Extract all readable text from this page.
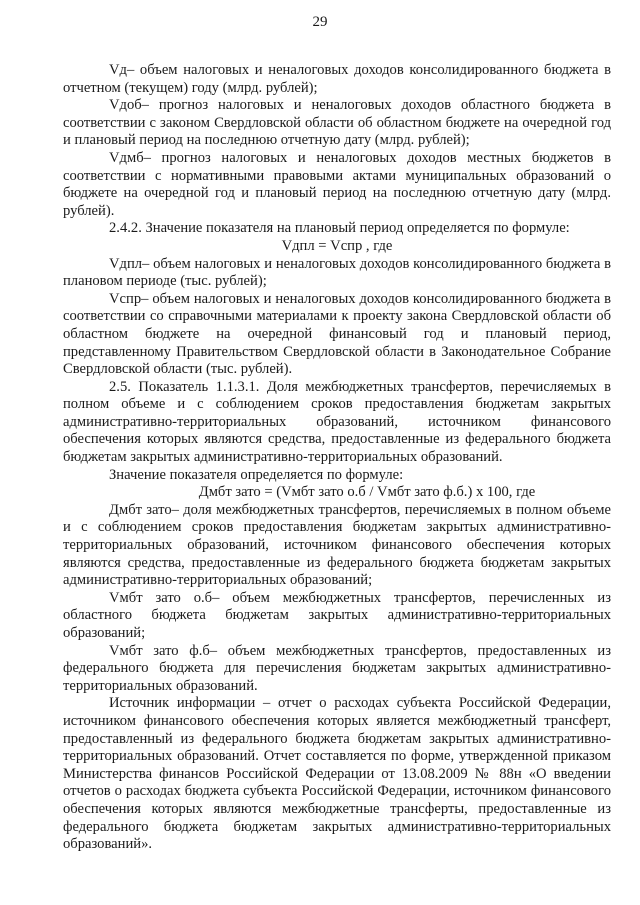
29

Vд– объем налоговых и неналоговых доходов консолидированного бюджета в отчетном (текущем) году (млрд. рублей);

Vдоб– прогноз налоговых и неналоговых доходов областного бюджета в соответствии с законом Свердловской области об областном бюджете на очередной год и плановый период на последнюю отчетную дату (млрд. рублей);

Vдмб– прогноз налоговых и неналоговых доходов местных бюджетов в соответствии с нормативными правовыми актами муниципальных образований о бюджете на очередной год и плановый период на последнюю отчетную дату (млрд. рублей).

2.4.2. Значение показателя на плановый период определяется по формуле:

Vдпл = Vспр , где

Vдпл– объем налоговых и неналоговых доходов консолидированного бюджета в плановом периоде (тыс. рублей);

Vспр– объем налоговых и неналоговых доходов консолидированного бюджета в соответствии со справочными материалами к проекту закона Свердловской области об областном бюджете на очередной финансовый год и плановый период, представленному Правительством Свердловской области в Законодательное Собрание Свердловской области (тыс. рублей).

2.5. Показатель 1.1.3.1. Доля межбюджетных трансфертов, перечисляемых в полном объеме и с соблюдением сроков предоставления бюджетам закрытых административно-территориальных образований, источником финансового обеспечения которых являются средства, предоставленные из федерального бюджета бюджетам закрытых административно-территориальных образований.

Значение показателя определяется по формуле:

Дмбт зато = (Vмбт зато о.б / Vмбт зато ф.б.) x 100, где

Дмбт зато– доля межбюджетных трансфертов, перечисляемых в полном объеме и с соблюдением сроков предоставления бюджетам закрытых административно-территориальных образований, источником финансового обеспечения которых являются средства, предоставленные из федерального бюджета бюджетам закрытых административно-территориальных образований;

Vмбт зато о.б– объем межбюджетных трансфертов, перечисленных из областного бюджета бюджетам закрытых административно-территориальных образований;

Vмбт зато ф.б– объем межбюджетных трансфертов, предоставленных из федерального бюджета для перечисления бюджетам закрытых административно-территориальных образований.

Источник информации – отчет о расходах субъекта Российской Федерации, источником финансового обеспечения которых является межбюджетный трансферт, предоставленный из федерального бюджета бюджетам закрытых административно-территориальных образований. Отчет составляется по форме, утвержденной приказом Министерства финансов Российской Федерации от 13.08.2009 № 88н «О введении отчетов о расходах бюджета субъекта Российской Федерации, источником финансового обеспечения которых являются межбюджетные трансферты, предоставленные из федерального бюджета бюджетам закрытых административно-территориальных образований».
